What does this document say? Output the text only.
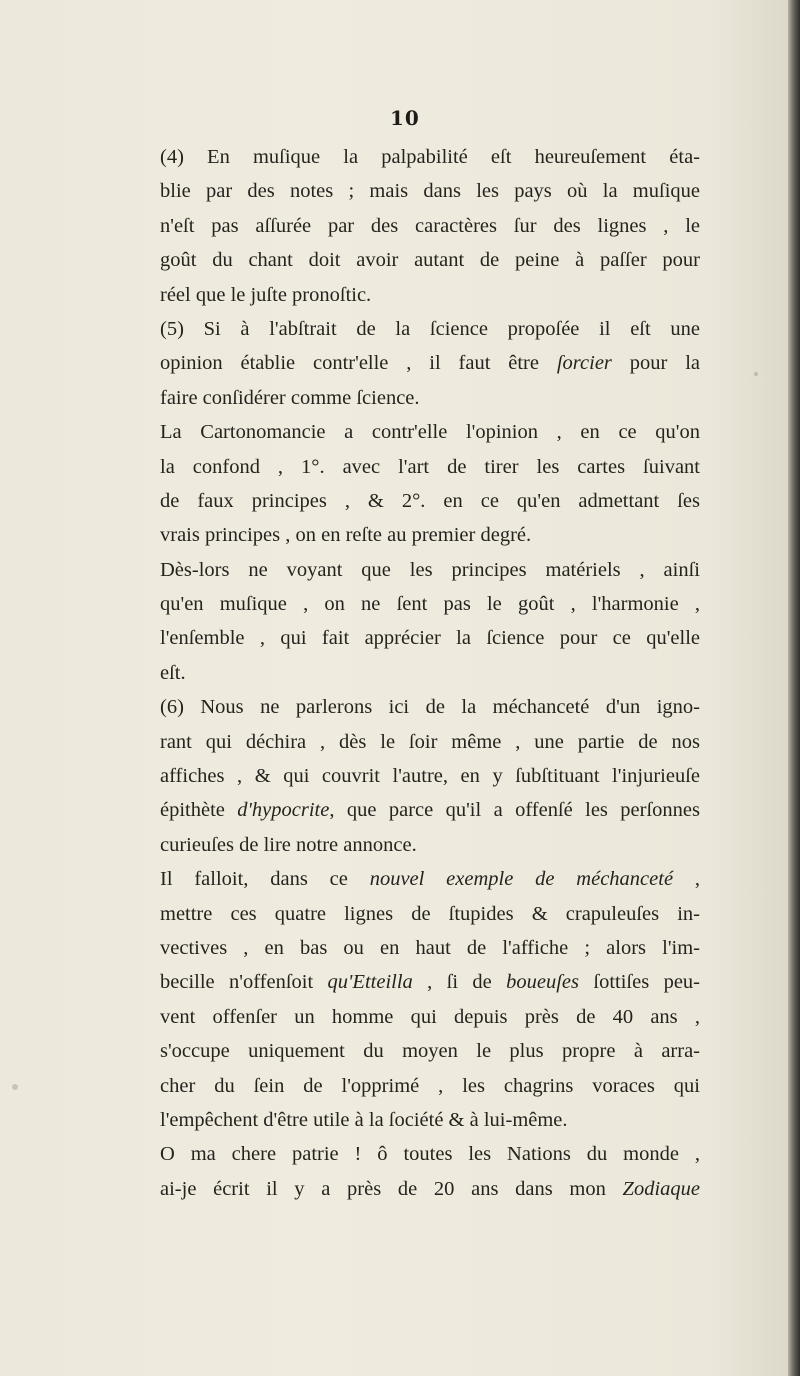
10
(4) En muſique la palpabilité eſt heureuſement éta-
blie par des notes ; mais dans les pays où la muſique
n'eſt pas aſſurée par des caractères ſur des lignes , le
goût du chant doit avoir autant de peine à paſſer pour
réel que le juſte pronoſtic.
(5) Si à l'abſtrait de la ſcience propoſée il eſt une
opinion établie contr'elle , il faut être ſorcier pour la
faire conſidérer comme ſcience.
La Cartonomancie a contr'elle l'opinion , en ce qu'on
la confond , 1°. avec l'art de tirer les cartes ſuivant
de faux principes , & 2°. en ce qu'en admettant ſes
vrais principes , on en reſte au premier degré.
Dès-lors ne voyant que les principes matériels , ainſi
qu'en muſique , on ne ſent pas le goût , l'harmonie ,
l'enſemble , qui fait apprécier la ſcience pour ce qu'elle
eſt.
(6) Nous ne parlerons ici de la méchanceté d'un igno-
rant qui déchira , dès le ſoir même , une partie de nos
affiches , & qui couvrit l'autre, en y ſubſtituant l'injurieuſe
épithète d'hypocrite, que parce qu'il a offenſé les perſonnes
curieuſes de lire notre annonce.
Il falloit, dans ce nouvel exemple de méchanceté ,
mettre ces quatre lignes de ſtupides & crapuleuſes in-
vectives , en bas ou en haut de l'affiche ; alors l'im-
becille n'offenſoit qu'Etteilla , ſi de boueuſes ſottiſes peu-
vent offenſer un homme qui depuis près de 40 ans ,
s'occupe uniquement du moyen le plus propre à arra-
cher du ſein de l'opprimé , les chagrins voraces qui
l'empêchent d'être utile à la ſociété & à lui-même.
O ma chere patrie ! ô toutes les Nations du monde ,
ai-je écrit il y a près de 20 ans dans mon Zodiaque
